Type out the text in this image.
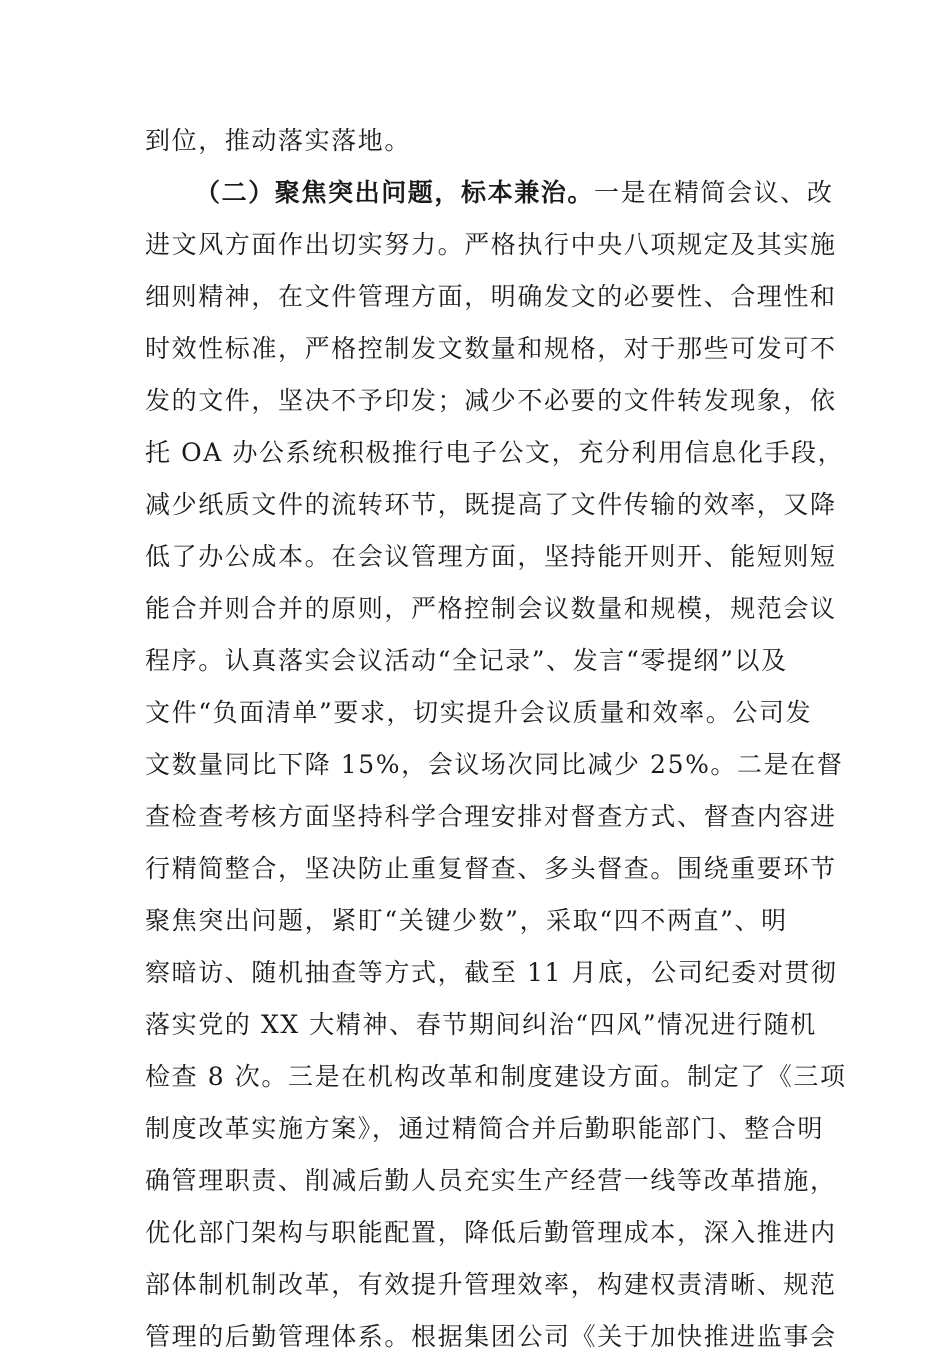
到位，推动落实落地。
（二）聚焦突出问题，标本兼治。一是在精简会议、改
进文风方面作出切实努力。严格执行中央八项规定及其实施
细则精神，在文件管理方面，明确发文的必要性、合理性和
时效性标准，严格控制发文数量和规格，对于那些可发可不
发的文件，坚决不予印发；减少不必要的文件转发现象，依
托 OA 办公系统积极推行电子公文，充分利用信息化手段，
减少纸质文件的流转环节，既提高了文件传输的效率，又降
低了办公成本。在会议管理方面，坚持能开则开、能短则短
能合并则合并的原则，严格控制会议数量和规模，规范会议
程序。认真落实会议活动“全记录”、发言“零提纲”以及
文件“负面清单”要求，切实提升会议质量和效率。公司发
文数量同比下降 15%，会议场次同比减少 25%。二是在督
查检查考核方面坚持科学合理安排对督查方式、督查内容进
行精简整合，坚决防止重复督查、多头督查。围绕重要环节
聚焦突出问题，紧盯“关键少数”，采取“四不两直”、明
察暗访、随机抽查等方式，截至 11 月底，公司纪委对贯彻
落实党的 XX 大精神、春节期间纠治“四风”情况进行随机
检查 8 次。三是在机构改革和制度建设方面。制定了《三项
制度改革实施方案》，通过精简合并后勤职能部门、整合明
确管理职责、削减后勤人员充实生产经营一线等改革措施，
优化部门架构与职能配置，降低后勤管理成本，深入推进内
部体制机制改革，有效提升管理效率，构建权责清晰、规范
管理的后勤管理体系。根据集团公司《关于加快推进监事会
